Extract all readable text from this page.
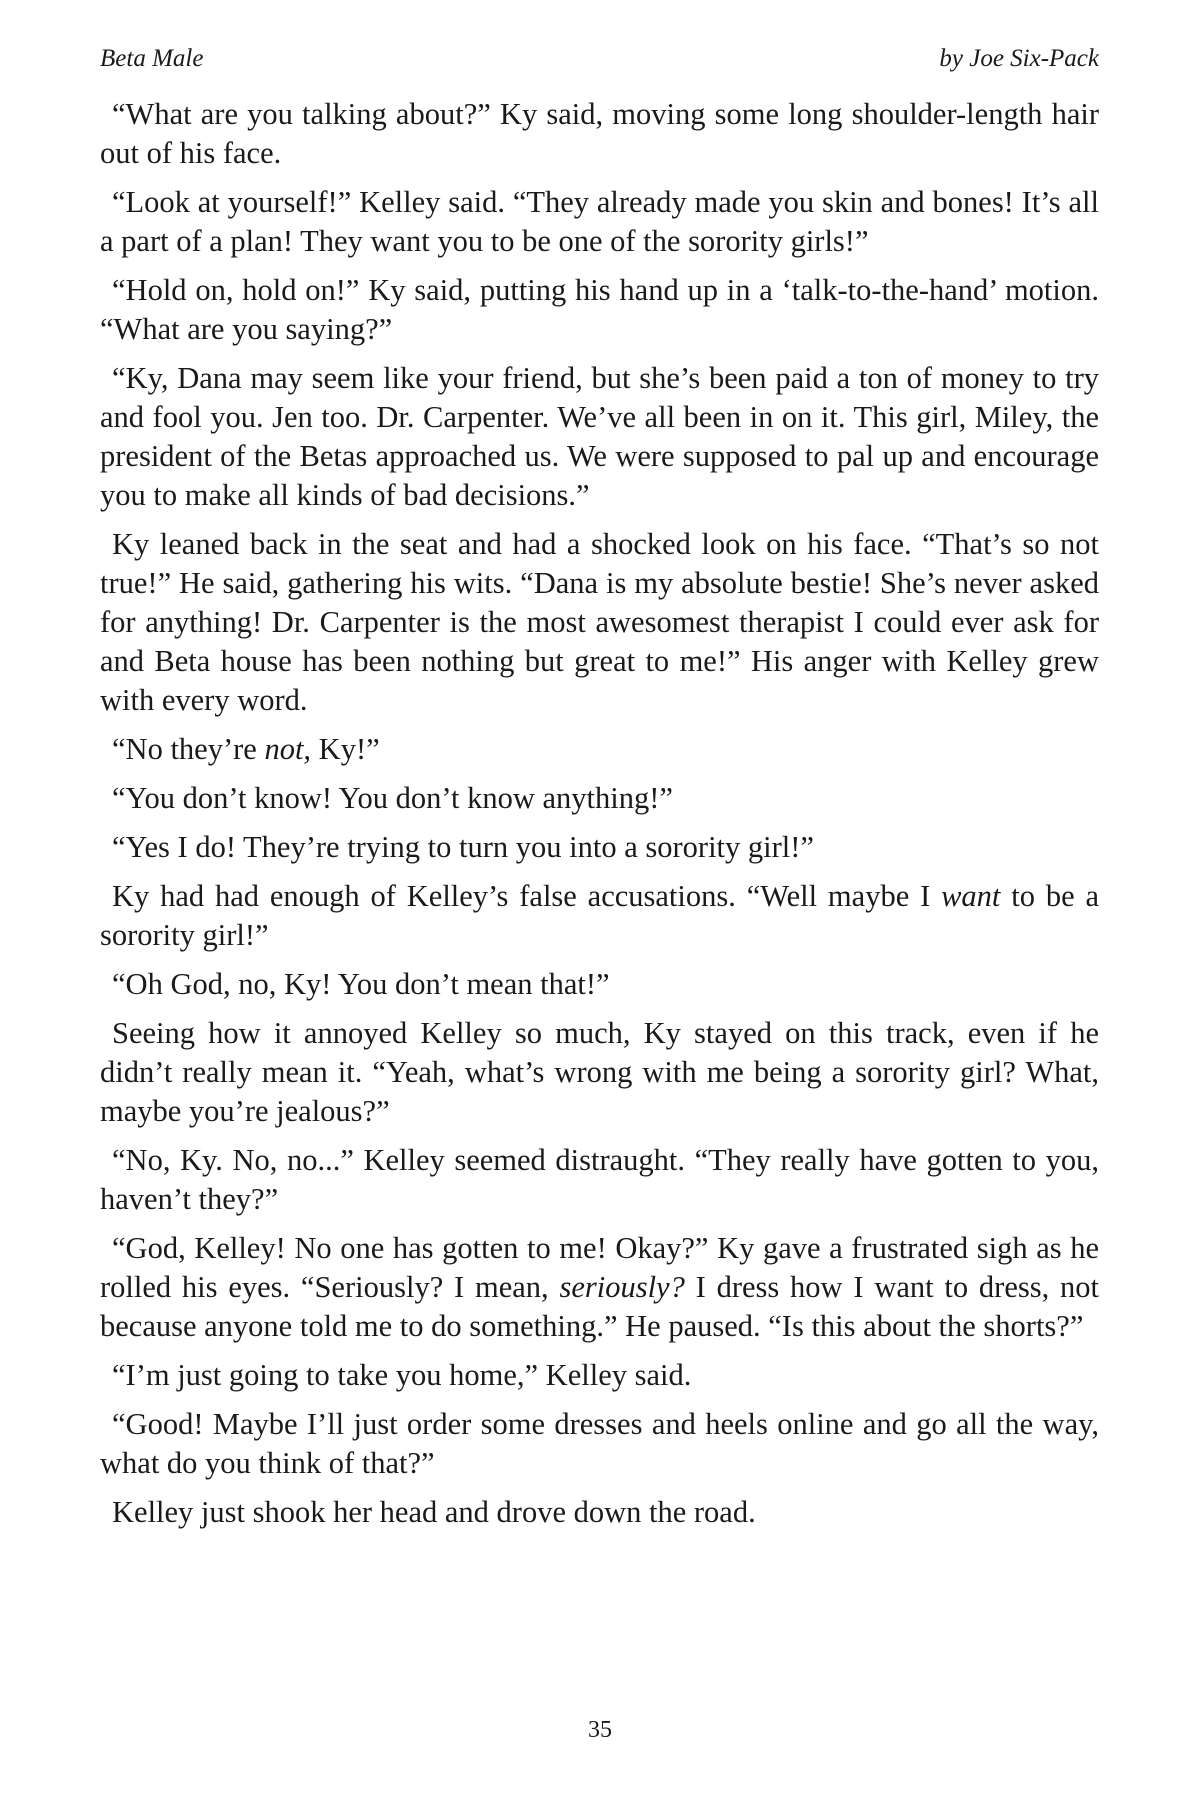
Beta Male	by Joe Six-Pack

“What are you talking about?” Ky said, moving some long shoulder-length hair out of his face.

“Look at yourself!” Kelley said. “They already made you skin and bones! It’s all a part of a plan! They want you to be one of the sorority girls!”

“Hold on, hold on!” Ky said, putting his hand up in a ‘talk-to-the-hand’ motion. “What are you saying?”

“Ky, Dana may seem like your friend, but she’s been paid a ton of money to try and fool you. Jen too. Dr. Carpenter. We’ve all been in on it. This girl, Miley, the president of the Betas approached us. We were supposed to pal up and encourage you to make all kinds of bad decisions.”

Ky leaned back in the seat and had a shocked look on his face. “That’s so not true!” He said, gathering his wits. “Dana is my absolute bestie! She’s never asked for anything! Dr. Carpenter is the most awesomest therapist I could ever ask for and Beta house has been nothing but great to me!” His anger with Kelley grew with every word.

“No they’re not, Ky!”

“You don’t know! You don’t know anything!”

“Yes I do! They’re trying to turn you into a sorority girl!”

Ky had had enough of Kelley’s false accusations. “Well maybe I want to be a sorority girl!”

“Oh God, no, Ky! You don’t mean that!”

Seeing how it annoyed Kelley so much, Ky stayed on this track, even if he didn’t really mean it. “Yeah, what’s wrong with me being a sorority girl? What, maybe you’re jealous?”

“No, Ky. No, no...” Kelley seemed distraught. “They really have gotten to you, haven’t they?”

“God, Kelley! No one has gotten to me! Okay?” Ky gave a frustrated sigh as he rolled his eyes. “Seriously? I mean, seriously? I dress how I want to dress, not because anyone told me to do something.” He paused. “Is this about the shorts?”

“I’m just going to take you home,” Kelley said.

“Good! Maybe I’ll just order some dresses and heels online and go all the way, what do you think of that?”

Kelley just shook her head and drove down the road.

35
